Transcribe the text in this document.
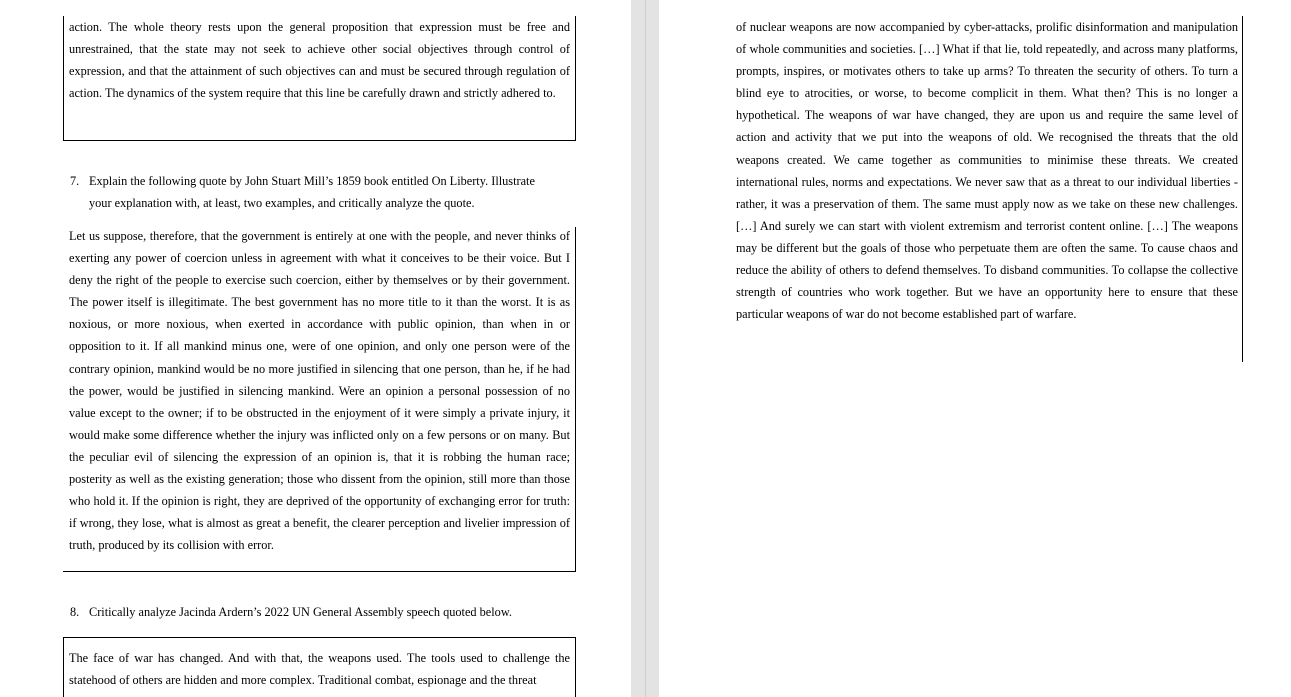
action. The whole theory rests upon the general proposition that expression must be free and unrestrained, that the state may not seek to achieve other social objectives through control of expression, and that the attainment of such objectives can and must be secured through regulation of action. The dynamics of the system require that this line be carefully drawn and strictly adhered to.
7. Explain the following quote by John Stuart Mill’s 1859 book entitled On Liberty. Illustrate
your explanation with, at least, two examples, and critically analyze the quote.
Let us suppose, therefore, that the government is entirely at one with the people, and never thinks of exerting any power of coercion unless in agreement with what it conceives to be their voice. But I deny the right of the people to exercise such coercion, either by themselves or by their government. The power itself is illegitimate. The best government has no more title to it than the worst. It is as noxious, or more noxious, when exerted in accordance with public opinion, than when in or opposition to it. If all mankind minus one, were of one opinion, and only one person were of the contrary opinion, mankind would be no more justified in silencing that one person, than he, if he had the power, would be justified in silencing mankind. Were an opinion a personal possession of no value except to the owner; if to be obstructed in the enjoyment of it were simply a private injury, it would make some difference whether the injury was inflicted only on a few persons or on many. But the peculiar evil of silencing the expression of an opinion is, that it is robbing the human race; posterity as well as the existing generation; those who dissent from the opinion, still more than those who hold it. If the opinion is right, they are deprived of the opportunity of exchanging error for truth: if wrong, they lose, what is almost as great a benefit, the clearer perception and livelier impression of truth, produced by its collision with error.
8. Critically analyze Jacinda Ardern’s 2022 UN General Assembly speech quoted below.
The face of war has changed. And with that, the weapons used. The tools used to challenge the statehood of others are hidden and more complex. Traditional combat, espionage and the threat
of nuclear weapons are now accompanied by cyber-attacks, prolific disinformation and manipulation of whole communities and societies. […] What if that lie, told repeatedly, and across many platforms, prompts, inspires, or motivates others to take up arms? To threaten the security of others. To turn a blind eye to atrocities, or worse, to become complicit in them. What then? This is no longer a hypothetical. The weapons of war have changed, they are upon us and require the same level of action and activity that we put into the weapons of old. We recognised the threats that the old weapons created. We came together as communities to minimise these threats. We created international rules, norms and expectations. We never saw that as a threat to our individual liberties - rather, it was a preservation of them. The same must apply now as we take on these new challenges. […] And surely we can start with violent extremism and terrorist content online. […] The weapons may be different but the goals of those who perpetuate them are often the same. To cause chaos and reduce the ability of others to defend themselves. To disband communities. To collapse the collective strength of countries who work together. But we have an opportunity here to ensure that these particular weapons of war do not become established part of warfare.
